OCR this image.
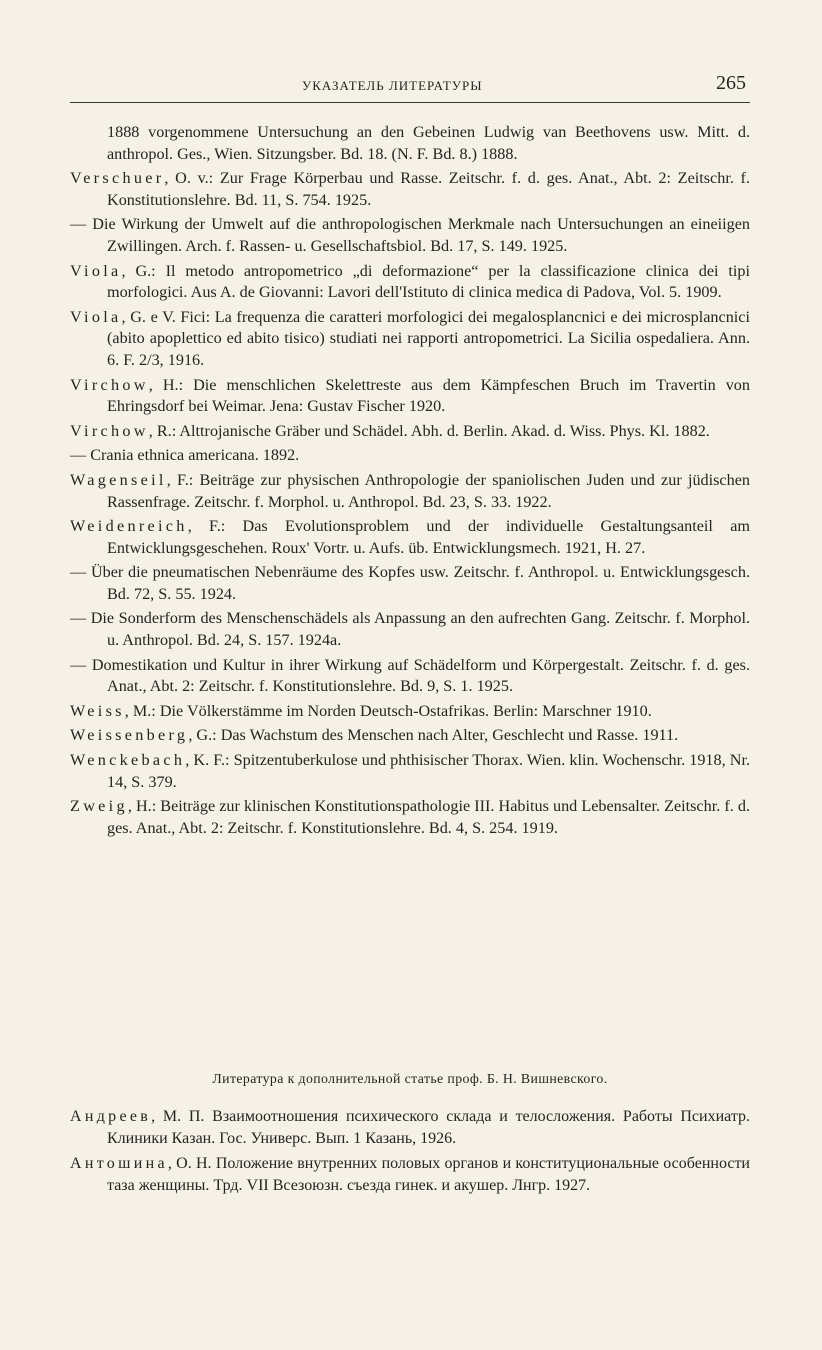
УКАЗАТЕЛЬ ЛИТЕРАТУРЫ	265

1888 vorgenommene Untersuchung an den Gebeinen Ludwig van Beethovens usw. Mitt. d. anthropol. Ges., Wien. Sitzungsber. Bd. 18. (N. F. Bd. 8.) 1888.

Verschuer, O. v.: Zur Frage Körperbau und Rasse. Zeitschr. f. d. ges. Anat., Abt. 2: Zeitschr. f. Konstitutionslehre. Bd. 11, S. 754. 1925.

— Die Wirkung der Umwelt auf die anthropologischen Merkmale nach Untersuchungen an eineiigen Zwillingen. Arch. f. Rassen- u. Gesellschaftsbiol. Bd. 17, S. 149. 1925.

Viola, G.: Il metodo antropometrico „di deformazione“ per la classificazione clinica dei tipi morfologici. Aus A. de Giovanni: Lavori dell'Istituto di clinica medica di Padova, Vol. 5. 1909.

Viola, G. e V. Fici: La frequenza die caratteri morfologici dei megalosplancnici e dei microsplancnici (abito apoplettico ed abito tisico) studiati nei rapporti antropometrici. La Sicilia ospedaliera. Ann. 6. F. 2/3, 1916.

Virchow, H.: Die menschlichen Skelettreste aus dem Kämpfeschen Bruch im Travertin von Ehringsdorf bei Weimar. Jena: Gustav Fischer 1920.

Virchow, R.: Alttrojanische Gräber und Schädel. Abh. d. Berlin. Akad. d. Wiss. Phys. Kl. 1882.

— Crania ethnica americana. 1892.

Wagenseil, F.: Beiträge zur physischen Anthropologie der spaniolischen Juden und zur jüdischen Rassenfrage. Zeitschr. f. Morphol. u. Anthropol. Bd. 23, S. 33. 1922.

Weidenreich, F.: Das Evolutionsproblem und der individuelle Gestaltungsanteil am Entwicklungsgeschehen. Roux' Vortr. u. Aufs. üb. Entwicklungsmech. 1921, H. 27.

— Über die pneumatischen Nebenräume des Kopfes usw. Zeitschr. f. Anthropol. u. Entwicklungsgesch. Bd. 72, S. 55. 1924.

— Die Sonderform des Menschenschädels als Anpassung an den aufrechten Gang. Zeitschr. f. Morphol. u. Anthropol. Bd. 24, S. 157. 1924a.

— Domestikation und Kultur in ihrer Wirkung auf Schädelform und Körpergestalt. Zeitschr. f. d. ges. Anat., Abt. 2: Zeitschr. f. Konstitutionslehre. Bd. 9, S. 1. 1925.

Weiss, M.: Die Völkerstämme im Norden Deutsch-Ostafrikas. Berlin: Marschner 1910.

Weissenberg, G.: Das Wachstum des Menschen nach Alter, Geschlecht und Rasse. 1911.

Wenckebach, K. F.: Spitzentuberkulose und phthisischer Thorax. Wien. klin. Wochenschr. 1918, Nr. 14, S. 379.

Zweig, H.: Beiträge zur klinischen Konstitutionspathologie III. Habitus und Lebensalter. Zeitschr. f. d. ges. Anat., Abt. 2: Zeitschr. f. Konstitutionslehre. Bd. 4, S. 254. 1919.

Литература к дополнительной статье проф. Б. Н. Вишневского.

Андреев, М. П. Взаимоотношения психического склада и телосложения. Работы Психиатр. Клиники Казан. Гос. Универс. Вып. 1 Казань, 1926.

Антошина, О. Н. Положение внутренних половых органов и конституциональные особенности таза женщины. Трд. VII Всезоюзн. съезда гинек. и акушер. Лнгр. 1927.
